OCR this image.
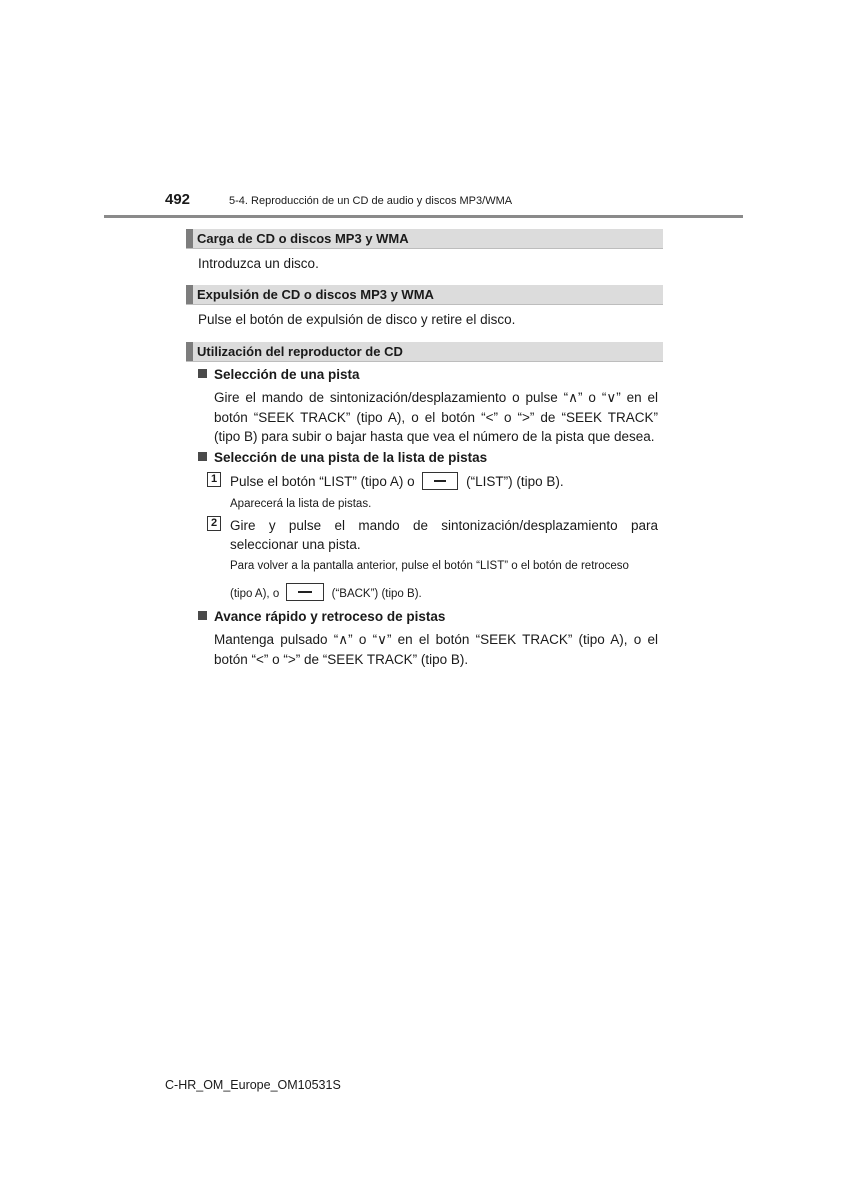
492	5-4. Reproducción de un CD de audio y discos MP3/WMA
Carga de CD o discos MP3 y WMA
Introduzca un disco.
Expulsión de CD o discos MP3 y WMA
Pulse el botón de expulsión de disco y retire el disco.
Utilización del reproductor de CD
Selección de una pista
Gire el mando de sintonización/desplazamiento o pulse “∧” o “∨” en el botón “SEEK TRACK” (tipo A), o el botón “<” o “>” de “SEEK TRACK” (tipo B) para subir o bajar hasta que vea el número de la pista que desea.
Selección de una pista de la lista de pistas
1 Pulse el botón “LIST” (tipo A) o	(“LIST”) (tipo B).
Aparecerá la lista de pistas.
2 Gire y pulse el mando de sintonización/desplazamiento para
seleccionar una pista.
Para volver a la pantalla anterior, pulse el botón “LIST” o el botón de retroceso
(tipo A), o	(“BACK”) (tipo B).
Avance rápido y retroceso de pistas
Mantenga pulsado “∧” o “∨” en el botón “SEEK TRACK” (tipo A), o el botón “<” o “>” de “SEEK TRACK” (tipo B).
C-HR_OM_Europe_OM10531S
